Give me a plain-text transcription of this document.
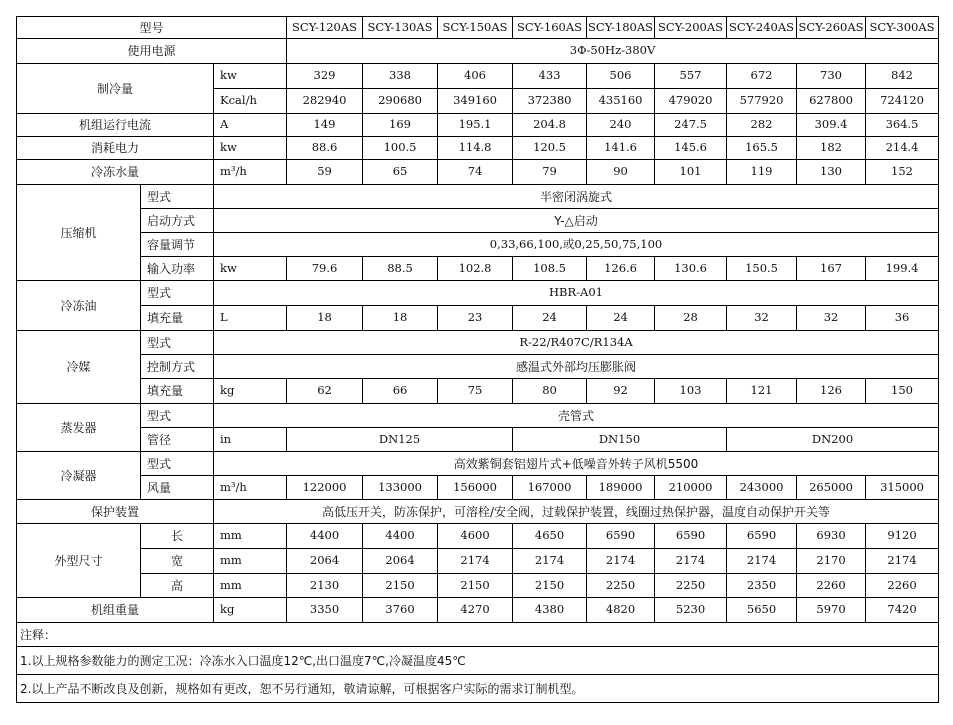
型号			SCY-120AS	SCY-130AS	SCY-150AS	SCY-160AS	SCY-180AS	SCY-200AS	SCY-240AS	SCY-260AS	SCY-300AS
使用电源			3Φ-50Hz-380V								
制冷量		kw	329	338	406	433	506	557	672	730	842
		Kcal/h	282940	290680	349160	372380	435160	479020	577920	627800	724120
机组运行电流		A	149	169	195.1	204.8	240	247.5	282	309.4	364.5
消耗电力		kw	88.6	100.5	114.8	120.5	141.6	145.6	165.5	182	214.4
冷冻水量		m³/h	59	65	74	79	90	101	119	130	152
压缩机	型式	半密闭涡旋式									
	启动方式	Y-△启动									
	容量调节	0,33,66,100,或0,25,50,75,100									
	输入功率	kw	79.6	88.5	102.8	108.5	126.6	130.6	150.5	167	199.4
冷冻油	型式	HBR-A01									
	填充量	L	18	18	23	24	24	28	32	32	36
冷媒	型式	R-22/R407C/R134A									
	控制方式	感温式外部均压膨胀阀									
	填充量	kg	62	66	75	80	92	103	121	126	150
蒸发器	型式	壳管式									
	管径	in	DN125			DN150			DN200		
冷凝器	型式	高效紫铜套铝翅片式+低噪音外转子风机5500									
	风量	m³/h	122000	133000	156000	167000	189000	210000	243000	265000	315000
保护装置		高低压开关，防冻保护，可溶栓/安全阀，过载保护装置，线圈过热保护器，温度自动保护开关等									
外型尺寸	长	mm	4400	4400	4600	4650	6590	6590	6590	6930	9120
	宽	mm	2064	2064	2174	2174	2174	2174	2174	2170	2174
	高	mm	2130	2150	2150	2150	2250	2250	2350	2260	2260
机组重量		kg	3350	3760	4270	4380	4820	5230	5650	5970	7420
注释：											
1.以上规格参数能力的测定工况：冷冻水入口温度12℃,出口温度7℃,冷凝温度45℃											
2.以上产品不断改良及创新，规格如有更改，恕不另行通知，敬请谅解，可根据客户实际的需求订制机型。											
